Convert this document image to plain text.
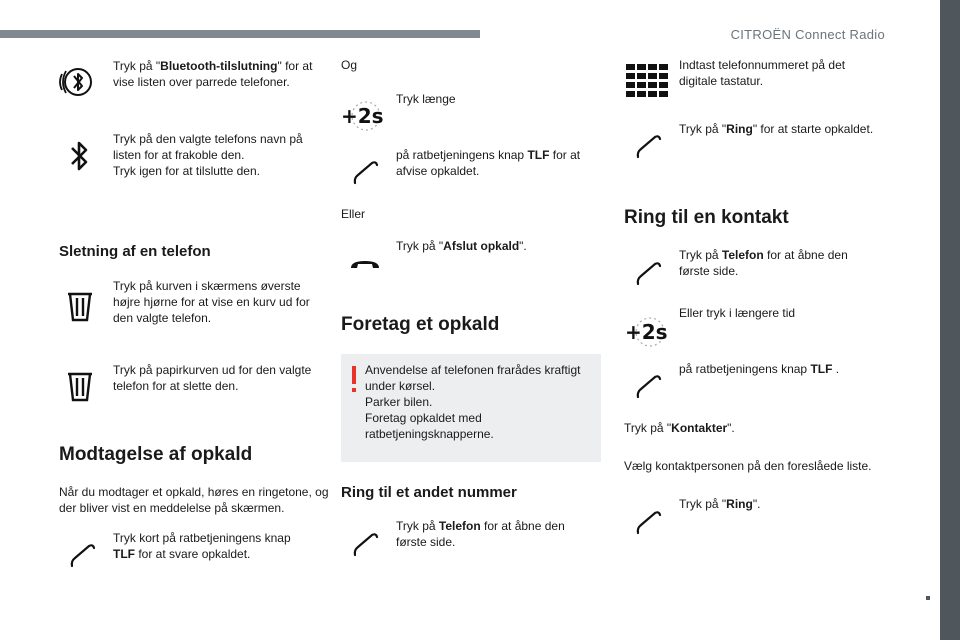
CITROËN Connect Radio
17
Tryk på "Bluetooth-tilslutning" for at vise listen over parrede telefoner.
Tryk på den valgte telefons navn på listen for at frakoble den.
Tryk igen for at tilslutte den.
Sletning af en telefon
Tryk på kurven i skærmens øverste højre hjørne for at vise en kurv ud for den valgte telefon.
Tryk på papirkurven ud for den valgte telefon for at slette den.
Modtagelse af opkald
Når du modtager et opkald, høres en ringetone, og der bliver vist en meddelelse på skærmen.
Tryk kort på ratbetjeningens knap TLF for at svare opkaldet.
Og
+2s
Tryk længe
på ratbetjeningens knap TLF for at afvise opkaldet.
Eller
Tryk på "Afslut opkald".
Foretag et opkald
Anvendelse af telefonen frarådes kraftigt under kørsel.
Parker bilen.
Foretag opkaldet med ratbetjeningsknapperne.
Ring til et andet nummer
Tryk på Telefon for at åbne den første side.
Indtast telefonnummeret på det digitale tastatur.
Tryk på "Ring" for at starte opkaldet.
Ring til en kontakt
Tryk på Telefon for at åbne den første side.
+2s
Eller tryk i længere tid
på ratbetjeningens knap TLF .
Tryk på "Kontakter".
Vælg kontaktpersonen på den foreslåede liste.
Tryk på "Ring".
